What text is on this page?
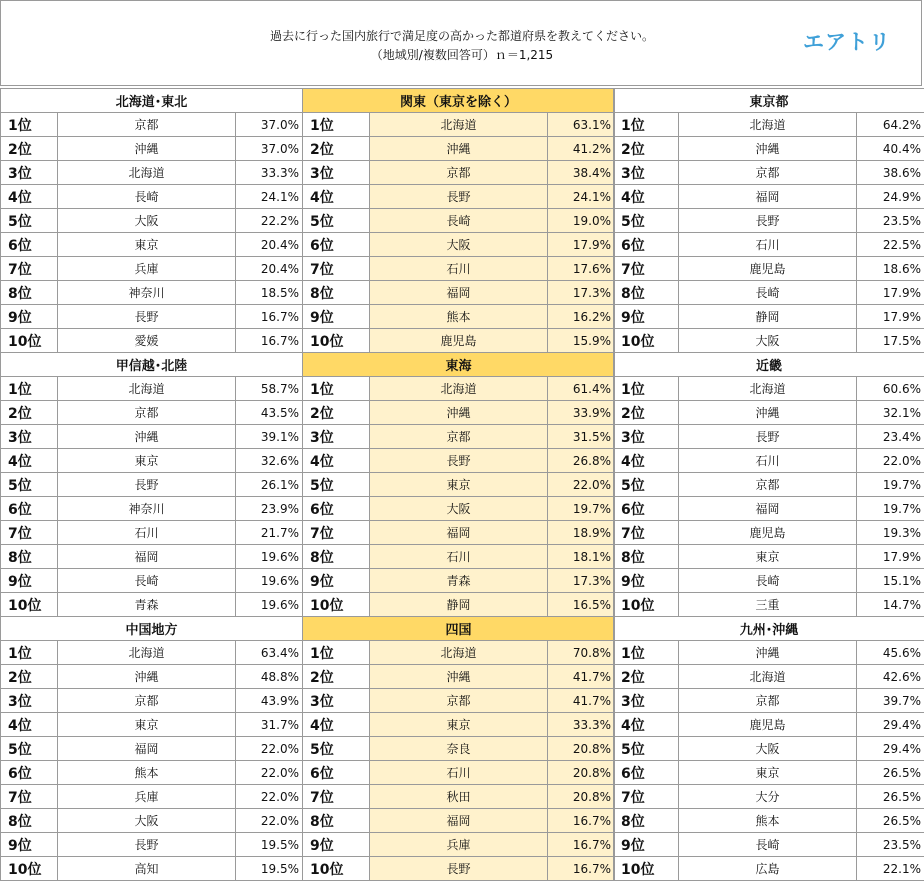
過去に行った国内旅行で満足度の高かった都道府県を教えてください。
（地域別/複数回答可）ｎ＝1,215
エアトリ
北海道･東北		
1位	京都	37.0%
2位	沖縄	37.0%
3位	北海道	33.3%
4位	長崎	24.1%
5位	大阪	22.2%
6位	東京	20.4%
7位	兵庫	20.4%
8位	神奈川	18.5%
9位	長野	16.7%
10位	愛媛	16.7%
関東（東京を除く）		
1位	北海道	63.1%
2位	沖縄	41.2%
3位	京都	38.4%
4位	長野	24.1%
5位	長崎	19.0%
6位	大阪	17.9%
7位	石川	17.6%
8位	福岡	17.3%
9位	熊本	16.2%
10位	鹿児島	15.9%
東京都		
1位	北海道	64.2%
2位	沖縄	40.4%
3位	京都	38.6%
4位	福岡	24.9%
5位	長野	23.5%
6位	石川	22.5%
7位	鹿児島	18.6%
8位	長崎	17.9%
9位	静岡	17.9%
10位	大阪	17.5%
甲信越･北陸		
1位	北海道	58.7%
2位	京都	43.5%
3位	沖縄	39.1%
4位	東京	32.6%
5位	長野	26.1%
6位	神奈川	23.9%
7位	石川	21.7%
8位	福岡	19.6%
9位	長崎	19.6%
10位	青森	19.6%
東海		
1位	北海道	61.4%
2位	沖縄	33.9%
3位	京都	31.5%
4位	長野	26.8%
5位	東京	22.0%
6位	大阪	19.7%
7位	福岡	18.9%
8位	石川	18.1%
9位	青森	17.3%
10位	静岡	16.5%
近畿		
1位	北海道	60.6%
2位	沖縄	32.1%
3位	長野	23.4%
4位	石川	22.0%
5位	京都	19.7%
6位	福岡	19.7%
7位	鹿児島	19.3%
8位	東京	17.9%
9位	長崎	15.1%
10位	三重	14.7%
中国地方		
1位	北海道	63.4%
2位	沖縄	48.8%
3位	京都	43.9%
4位	東京	31.7%
5位	福岡	22.0%
6位	熊本	22.0%
7位	兵庫	22.0%
8位	大阪	22.0%
9位	長野	19.5%
10位	高知	19.5%
四国		
1位	北海道	70.8%
2位	沖縄	41.7%
3位	京都	41.7%
4位	東京	33.3%
5位	奈良	20.8%
6位	石川	20.8%
7位	秋田	20.8%
8位	福岡	16.7%
9位	兵庫	16.7%
10位	長野	16.7%
九州･沖縄		
1位	沖縄	45.6%
2位	北海道	42.6%
3位	京都	39.7%
4位	鹿児島	29.4%
5位	大阪	29.4%
6位	東京	26.5%
7位	大分	26.5%
8位	熊本	26.5%
9位	長崎	23.5%
10位	広島	22.1%
